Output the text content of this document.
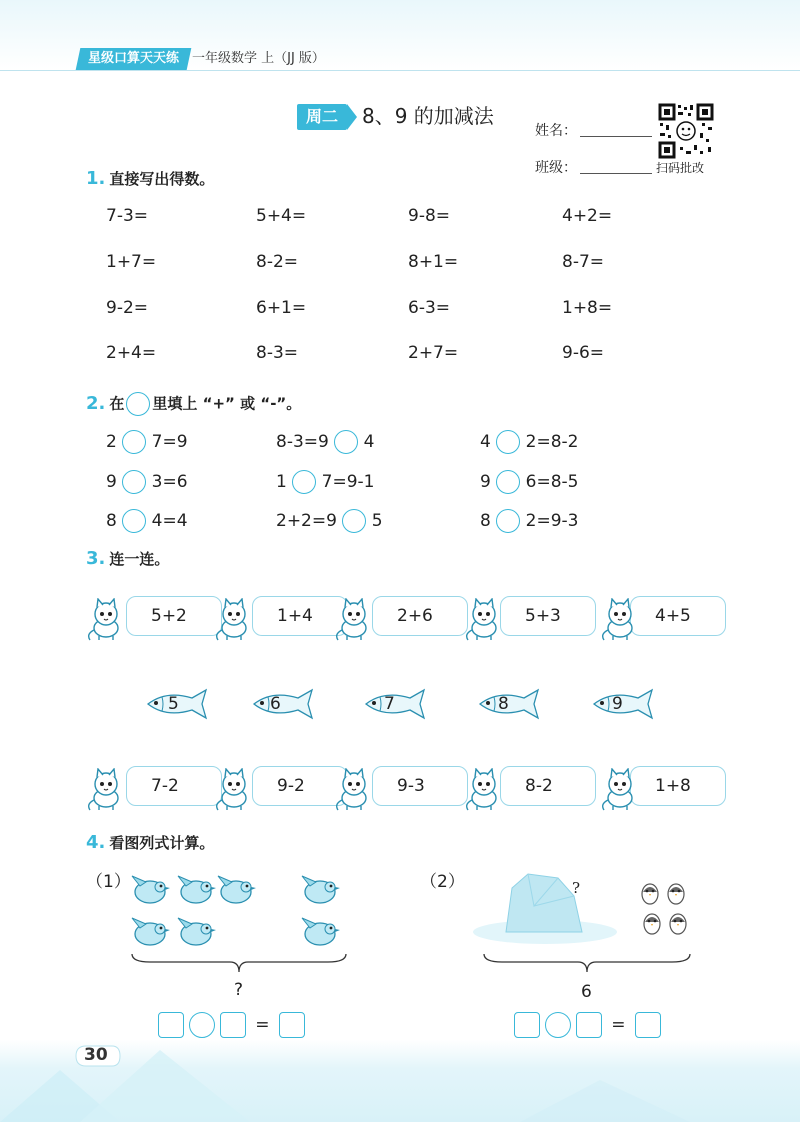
星级口算天天练 一年级数学 上（JJ 版）
周二	8、9 的加减法
姓名：
班级：	扫码批改
1. 直接写出得数。
7-3=	5+4=	9-8=	4+2=
1+7=	8-2=	8+1=	8-7=
9-2=	6+1=	6-3=	1+8=
2+4=	8-3=	2+7=	9-6=
2. 在 里填上 “+” 或 “-”。
2 7=9	8-3=9 4	4 2=8-2
9 3=6	1 7=9-1	9 6=8-5
8 4=4	2+2=9 5	8 2=9-3
3. 连一连。
5+2	1+4	2+6	5+3	4+5
5	6	7	8	9
7-2	9-2	9-3	8-2	1+8
4. 看图列式计算。
（1）
?
=
（2）	?
6
=
30
